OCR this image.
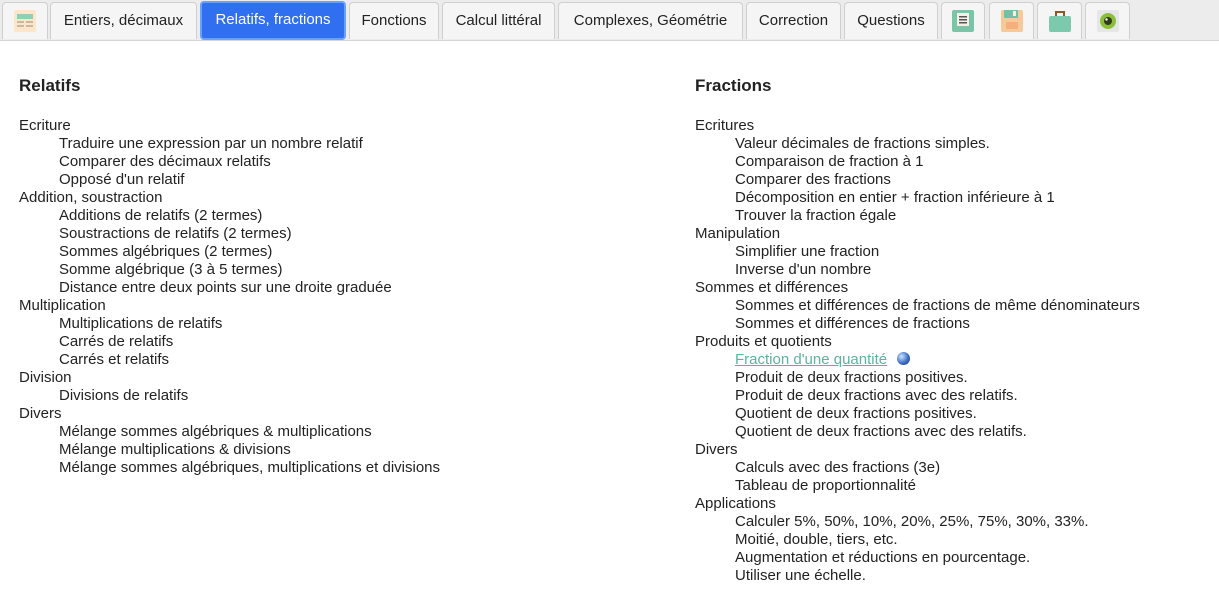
Entiers, décimaux	Relatifs, fractions	Fonctions	Calcul littéral	Complexes, Géométrie	Correction	Questions
Relatifs
Ecriture
Traduire une expression par un nombre relatif
Comparer des décimaux relatifs
Opposé d'un relatif
Addition, soustraction
Additions de relatifs (2 termes)
Soustractions de relatifs (2 termes)
Sommes algébriques (2 termes)
Somme algébrique (3 à 5 termes)
Distance entre deux points sur une droite graduée
Multiplication
Multiplications de relatifs
Carrés de relatifs
Carrés et relatifs
Division
Divisions de relatifs
Divers
Mélange sommes algébriques & multiplications
Mélange multiplications & divisions
Mélange sommes algébriques, multiplications et divisions
Fractions
Ecritures
Valeur décimales de fractions simples.
Comparaison de fraction à 1
Comparer des fractions
Décomposition en entier + fraction inférieure à 1
Trouver la fraction égale
Manipulation
Simplifier une fraction
Inverse d'un nombre
Sommes et différences
Sommes et différences de fractions de même dénominateurs
Sommes et différences de fractions
Produits et quotients
Fraction d'une quantité
Produit de deux fractions positives.
Produit de deux fractions avec des relatifs.
Quotient de deux fractions positives.
Quotient de deux fractions avec des relatifs.
Divers
Calculs avec des fractions (3e)
Tableau de proportionnalité
Applications
Calculer 5%, 50%, 10%, 20%, 25%, 75%, 30%, 33%.
Moitié, double, tiers, etc.
Augmentation et réductions en pourcentage.
Utiliser une échelle.
